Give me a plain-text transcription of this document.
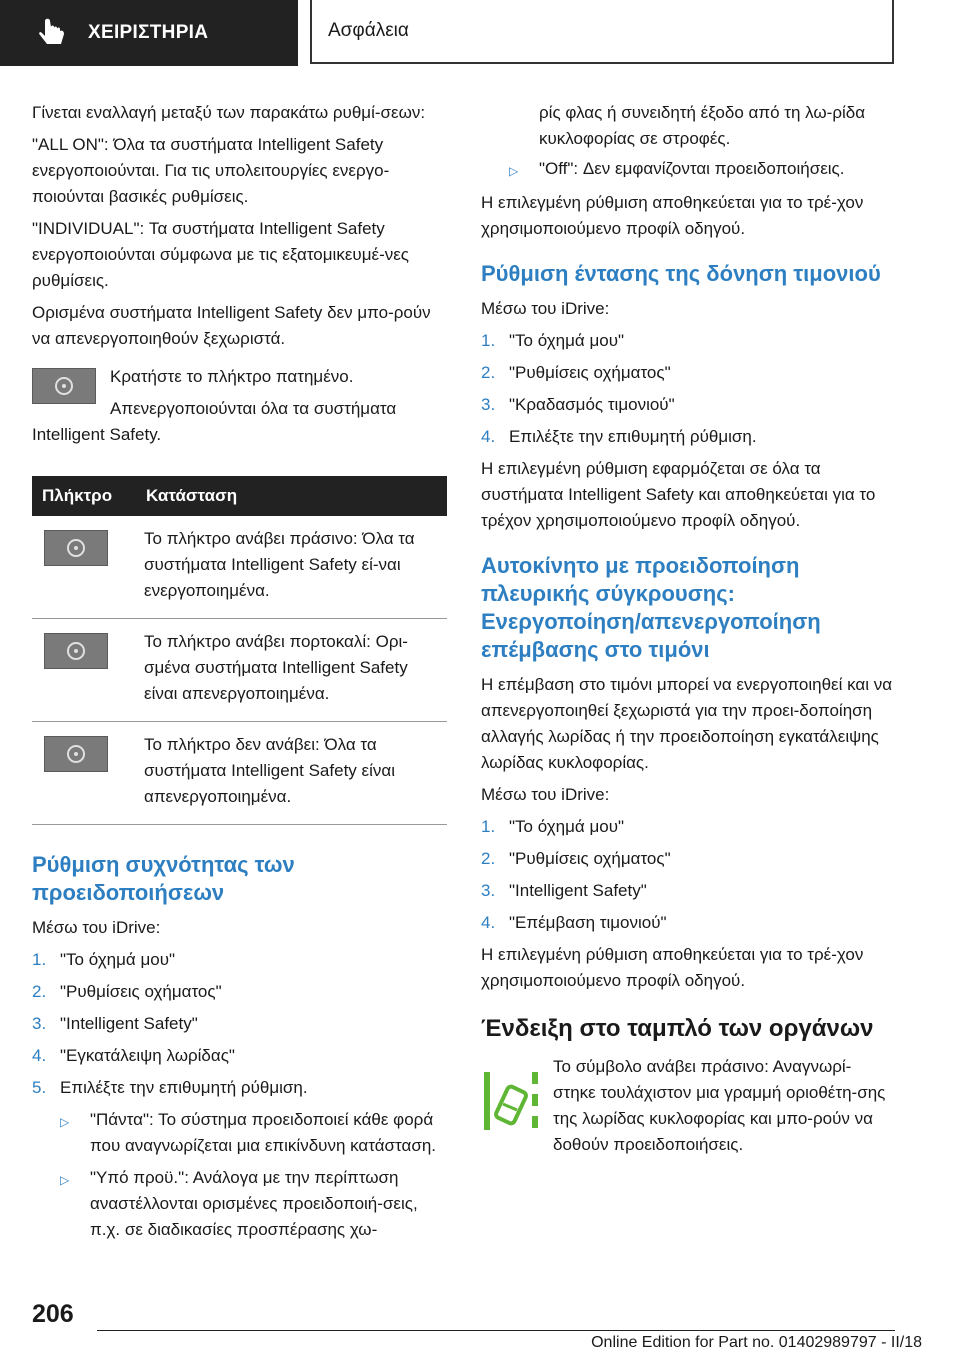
ΧΕΙΡΙΣΤΗΡΙΑ	Ασφάλεια

Γίνεται εναλλαγή μεταξύ των παρακάτω ρυθμί‐σεων:

"ALL ON": Όλα τα συστήματα Intelligent Safety ενεργοποιούνται. Για τις υπολειτουργίες ενεργο‐ποιούνται βασικές ρυθμίσεις.

"INDIVIDUAL": Τα συστήματα Intelligent Safety ενεργοποιούνται σύμφωνα με τις εξατομικευμέ‐νες ρυθμίσεις.

Ορισμένα συστήματα Intelligent Safety δεν μπο‐ρούν να απενεργοποιηθούν ξεχωριστά.

Κρατήστε το πλήκτρο πατημένο.

Απενεργοποιούνται όλα τα συστήματα Intelligent Safety.

Πλήκτρο	Κατάσταση

	Το πλήκτρο ανάβει πράσινο: Όλα τα συστήματα Intelligent Safety εί‐ναι ενεργοποιημένα.

	Το πλήκτρο ανάβει πορτοκαλί: Ορι‐σμένα συστήματα Intelligent Safety είναι απενεργοποιημένα.

	Το πλήκτρο δεν ανάβει: Όλα τα συστήματα Intelligent Safety είναι απενεργοποιημένα.
Ρύθμιση συχνότητας των προειδοποιήσεων

Μέσω του iDrive:

1. "Το όχημά μου"
2. "Ρυθμίσεις οχήματος"
3. "Intelligent Safety"
4. "Εγκατάλειψη λωρίδας"
5. Επιλέξτε την επιθυμητή ρύθμιση.
▷	"Πάντα": Το σύστημα προειδοποιεί κάθε φορά που αναγνωρίζεται μια επικίνδυνη κατάσταση.
▷	"Υπό προϋ.": Ανάλογα με την περίπτωση αναστέλλονται ορισμένες προειδοποιή‐σεις, π.χ. σε διαδικασίες προσπέρασης χω‐
ρίς φλας ή συνειδητή έξοδο από τη λω‐ρίδα κυκλοφορίας σε στροφές.
▷	"Off": Δεν εμφανίζονται προειδοποιήσεις.

Η επιλεγμένη ρύθμιση αποθηκεύεται για το τρέ‐χον χρησιμοποιούμενο προφίλ οδηγού.

Ρύθμιση έντασης της δόνηση τιμονιού

Μέσω του iDrive:

1. "Το όχημά μου"
2. "Ρυθμίσεις οχήματος"
3. "Κραδασμός τιμονιού"
4. Επιλέξτε την επιθυμητή ρύθμιση.

Η επιλεγμένη ρύθμιση εφαρμόζεται σε όλα τα συστήματα Intelligent Safety και αποθηκεύεται για το τρέχον χρησιμοποιούμενο προφίλ οδηγού.

Αυτοκίνητο με προειδοποίηση πλευρικής σύγκρουσης: Ενεργοποίηση/απενεργοποίηση επέμβασης στο τιμόνι

Η επέμβαση στο τιμόνι μπορεί να ενεργοποιηθεί και να απενεργοποιηθεί ξεχωριστά για την προει‐δοποίηση αλλαγής λωρίδας ή την προειδοποίηση εγκατάλειψης λωρίδας κυκλοφορίας.

Μέσω του iDrive:

1. "Το όχημά μου"
2. "Ρυθμίσεις οχήματος"
3. "Intelligent Safety"
4. "Επέμβαση τιμονιού"

Η επιλεγμένη ρύθμιση αποθηκεύεται για το τρέ‐χον χρησιμοποιούμενο προφίλ οδηγού.

Ένδειξη στο ταμπλό των οργάνων

Το σύμβολο ανάβει πράσινο: Αναγνωρί‐στηκε τουλάχιστον μια γραμμή οριοθέτη‐σης της λωρίδας κυκλοφορίας και μπο‐ρούν να δοθούν προειδοποιήσεις.

206
Online Edition for Part no. 01402989797 - II/18
